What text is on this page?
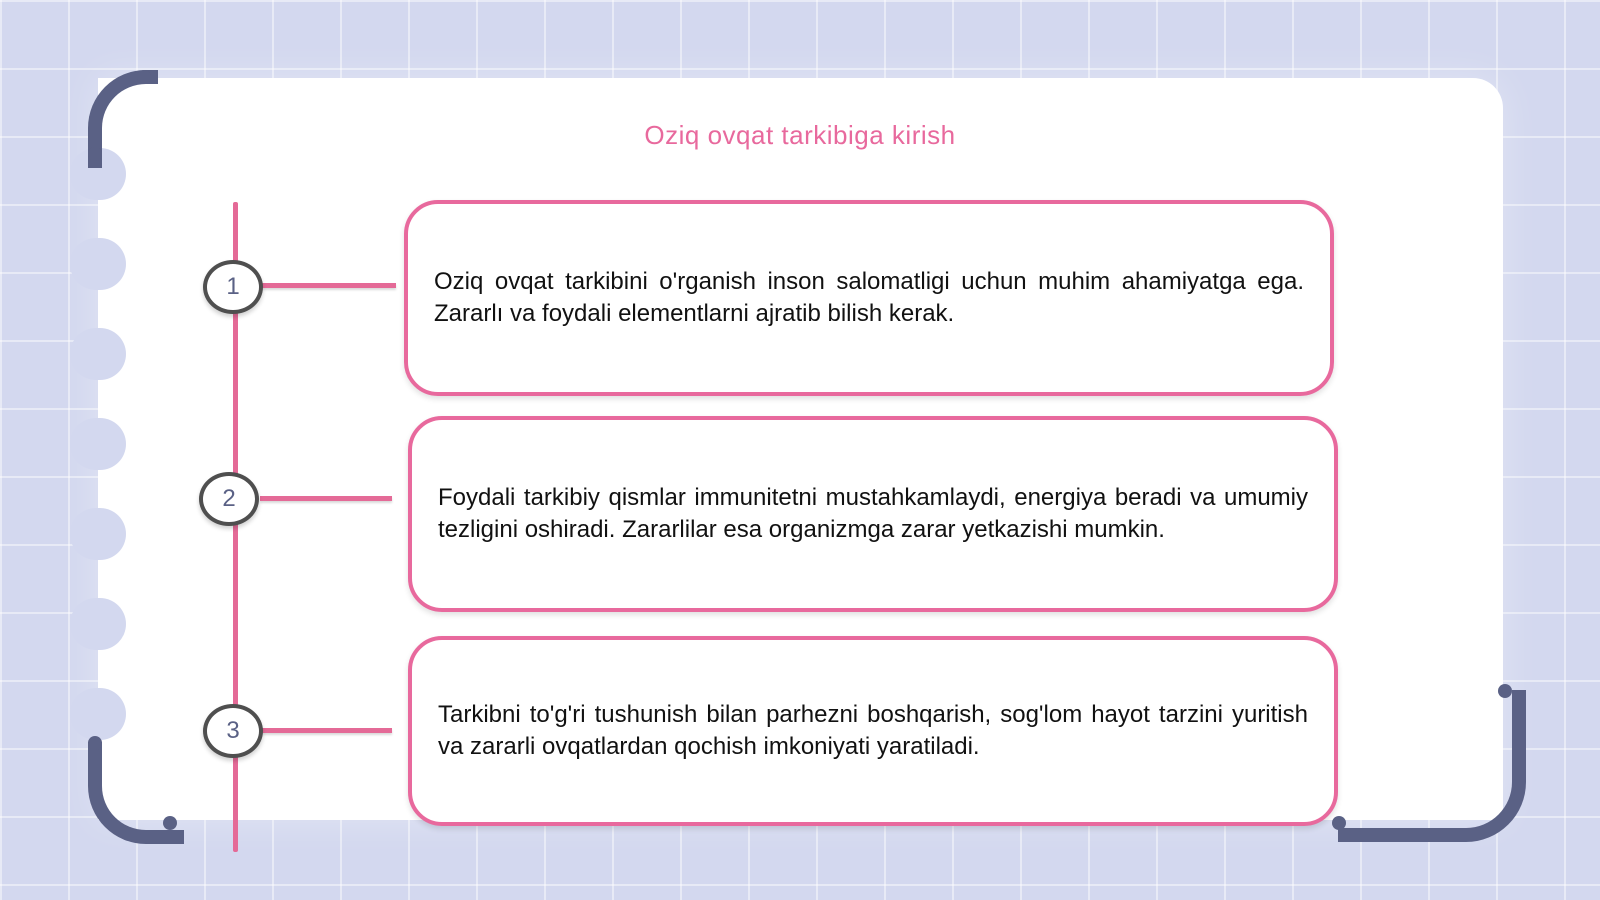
Oziq ovqat tarkibiga kirish
1
2
3

Oziq ovqat tarkibini o'rganish inson salomatligi uchun muhim ahamiyatga ega. Zararlı va foydali elementlarni ajratib bilish kerak.

Foydali tarkibiy qismlar immunitetni mustahkamlaydi, energiya beradi va umumiy tezligini oshiradi. Zararlilar esa organizmga zarar yetkazishi mumkin.

Tarkibni to'g'ri tushunish bilan parhezni boshqarish, sog'lom hayot tarzini yuritish va zararli ovqatlardan qochish imkoniyati yaratiladi.
